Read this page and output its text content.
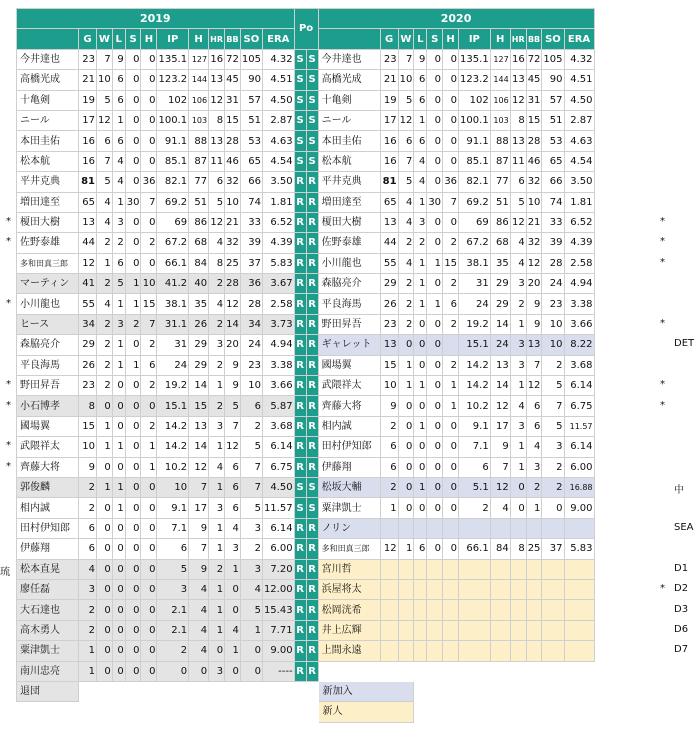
*
*
*
*
*
*
*
琉
*
*
*
*
DET
*
*
中
SEA
D1
D2
D3
D6
D7
*
2019												Po		2020											
	G	W	L	S	H	IP	H	HR	BB	SO	ERA				G	W	L	S	H	IP	H	HR	BB	SO	ERA
今井達也	23	7	9	0	0	135.1	127	16	72	105	4.32	S	S	今井達也	23	7	9	0	0	135.1	127	16	72	105	4.32
高橋光成	21	10	6	0	0	123.2	144	13	45	90	4.51	S	S	高橋光成	21	10	6	0	0	123.2	144	13	45	90	4.51
十亀剣	19	5	6	0	0	102	106	12	31	57	4.50	S	S	十亀剣	19	5	6	0	0	102	106	12	31	57	4.50
ニール	17	12	1	0	0	100.1	103	8	15	51	2.87	S	S	ニール	17	12	1	0	0	100.1	103	8	15	51	2.87
本田圭佑	16	6	6	0	0	91.1	88	13	28	53	4.63	S	S	本田圭佑	16	6	6	0	0	91.1	88	13	28	53	4.63
松本航	16	7	4	0	0	85.1	87	11	46	65	4.54	S	S	松本航	16	7	4	0	0	85.1	87	11	46	65	4.54
平井克典	81	5	4	0	36	82.1	77	6	32	66	3.50	R	R	平井克典	81	5	4	0	36	82.1	77	6	32	66	3.50
増田達至	65	4	1	30	7	69.2	51	5	10	74	1.81	R	R	増田達至	65	4	1	30	7	69.2	51	5	10	74	1.81
榎田大樹	13	4	3	0	0	69	86	12	21	33	6.52	R	R	榎田大樹	13	4	3	0	0	69	86	12	21	33	6.52
佐野泰雄	44	2	2	0	2	67.2	68	4	32	39	4.39	R	R	佐野泰雄	44	2	2	0	2	67.2	68	4	32	39	4.39
多和田真三郎	12	1	6	0	0	66.1	84	8	25	37	5.83	R	R	小川龍也	55	4	1	1	15	38.1	35	4	12	28	2.58
マーティン	41	2	5	1	10	41.2	40	2	28	36	3.67	R	R	森脇亮介	29	2	1	0	2	31	29	3	20	24	4.94
小川龍也	55	4	1	1	15	38.1	35	4	12	28	2.58	R	R	平良海馬	26	2	1	1	6	24	29	2	9	23	3.38
ヒース	34	2	3	2	7	31.1	26	2	14	34	3.73	R	R	野田昇吾	23	2	0	0	2	19.2	14	1	9	10	3.66
森脇亮介	29	2	1	0	2	31	29	3	20	24	4.94	R	R	ギャレット	13	0	0	0		15.1	24	3	13	10	8.22
平良海馬	26	2	1	1	6	24	29	2	9	23	3.38	R	R	國場翼	15	1	0	0	2	14.2	13	3	7	2	3.68
野田昇吾	23	2	0	0	2	19.2	14	1	9	10	3.66	R	R	武隈祥太	10	1	1	0	1	14.2	14	1	12	5	6.14
小石博孝	8	0	0	0	0	15.1	15	2	5	6	5.87	R	R	齊藤大将	9	0	0	0	1	10.2	12	4	6	7	6.75
國場翼	15	1	0	0	2	14.2	13	3	7	2	3.68	R	R	相内誠	2	0	1	0	0	9.1	17	3	6	5	11.57
武隈祥太	10	1	1	0	1	14.2	14	1	12	5	6.14	R	R	田村伊知郎	6	0	0	0	0	7.1	9	1	4	3	6.14
齊藤大将	9	0	0	0	1	10.2	12	4	6	7	6.75	R	R	伊藤翔	6	0	0	0	0	6	7	1	3	2	6.00
郭俊麟	2	1	1	0	0	10	7	1	6	7	4.50	S	S	松坂大輔	2	0	1	0	0	5.1	12	0	2	2	16.88
相内誠	2	0	1	0	0	9.1	17	3	6	5	11.57	S	S	粟津凱士	1	0	0	0	0	2	4	0	1	0	9.00
田村伊知郎	6	0	0	0	0	7.1	9	1	4	3	6.14	R	R	ノリン											
伊藤翔	6	0	0	0	0	6	7	1	3	2	6.00	R	R	多和田真三郎	12	1	6	0	0	66.1	84	8	25	37	5.83
松本直晃	4	0	0	0	0	5	9	2	1	3	7.20	R	R	宮川哲											
廖任磊	3	0	0	0	0	3	4	1	0	4	12.00	R	R	浜屋将太											
大石達也	2	0	0	0	0	2.1	4	1	0	5	15.43	R	R	松岡洸希											
高木勇人	2	0	0	0	0	2.1	4	1	4	1	7.71	R	R	井上広輝											
粟津凱士	1	0	0	0	0	2	4	0	1	0	9.00	R	R	上間永遠											
南川忠亮	1	0	0	0	0	0	0	3	0	0	----	R	R												
退団														新加入											
														新人											
